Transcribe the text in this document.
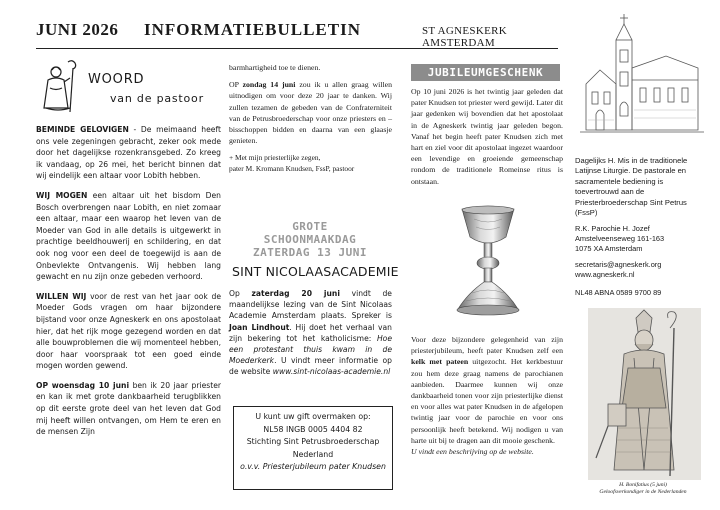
JUNI 2026 INFORMATIEBULLETIN	ST AGNESKERK AMSTERDAM
WOORD
van de pastoor

BEMINDE GELOVIGEN - De meimaand heeft ons vele zegeningen gebracht, zeker ook mede door het dagelijkse rozenkransgebed. Zo kreeg ik vandaag, op 26 mei, het bericht binnen dat wij eindelijk een altaar voor Lobith hebben.

WIJ MOGEN een altaar uit het bisdom Den Bosch overbrengen naar Lobith, en niet zomaar een altaar, maar een waarop het leven van de Moeder van God in alle details is uitgewerkt in prachtige beeldhouwerij en schildering, en dat ook nog voor een deel de toegewijd is aan de Onbevlekte Ontvangenis. Wij hebben lang gewacht en nu zijn onze gebeden verhoord.

WILLEN WIJ voor de rest van het jaar ook de Moeder Gods vragen om haar bijzondere bijstand voor onze Agneskerk en ons apostolaat hier, dat het rijk moge gezegend worden en dat alle bouwproblemen die wij momenteel hebben, door haar voorspraak tot een goed einde mogen worden gewend.

OP woensdag 10 juni ben ik 20 jaar priester en kan ik met grote dankbaarheid terugblikken op dit eerste grote deel van het leven dat God mij heeft willen ontvangen, om Hem te eren en de mensen Zijn

barmhartigheid toe te dienen.

OP zondag 14 juni zou ik u allen graag willen uitnodigen om voor deze 20 jaar te danken. Wij zullen tezamen de gebeden van de Confraterniteit van de Petrusbroederschap voor onze priesters en – bisschoppen bidden en daarna van een glaasje genieten.

+ Met mijn priesterlijke zegen,
pater M. Kromann Knudsen, FssP, pastoor

GROTE
SCHOONMAAKDAG
ZATERDAG 13 JUNI
SINT NICOLAASACADEMIE
Op zaterdag 20 juni vindt de maandelijkse lezing van de Sint Nicolaas Academie Amsterdam plaats. Spreker is Joan Lindhout. Hij doet het verhaal van zijn bekering tot het katholicisme: Hoe een protestant thuis kwam in de Moederkerk. U vindt meer informatie op de website www.sint-nicolaas-academie.nl
U kunt uw gift overmaken op:
NL58 INGB 0005 4404 82
Stichting Sint Petrusbroederschap
Nederland
o.v.v. Priesterjubileum pater Knudsen
JUBILEUMGESCHENK
Op 10 juni 2026 is het twintig jaar geleden dat pater Knudsen tot priester werd gewijd. Later dit jaar gedenken wij bovendien dat het apostolaat in de Agneskerk twintig jaar geleden begon. Vanaf het begin heeft pater Knudsen zich met hart en ziel voor dit apostolaat ingezet waardoor een levendige en groeiende gemeenschap rondom de traditionele Romeinse ritus is ontstaan.
Voor deze bijzondere gelegenheid van zijn priesterjubileum, heeft pater Knudsen zelf een kelk met pateen uitgezocht. Het kerkbestuur zou hem deze graag namens de parochianen aanbieden. Daarmee kunnen wij onze dankbaarheid tonen voor zijn priesterlijke dienst en voor alles wat pater Knudsen in de afgelopen twintig jaar voor de parochie en voor ons persoonlijk heeft betekend. Wij nodigen u van harte uit bij te dragen aan dit mooie geschenk.
U vindt een beschrijving op de website.
Dagelijks H. Mis in de traditionele Latijnse Liturgie. De pastorale en sacramentele bediening is toevertrouwd aan de Priesterbroederschap Sint Petrus (FssP)
R.K. Parochie H. Jozef
Amstelveenseweg 161-163
1075 XA Amsterdam
secretaris@agneskerk.org
www.agneskerk.nl
NL48 ABNA 0589 9700 89
H. Bonifatius (5 juni)
Geloofsverkondiger in de Nederlanden
